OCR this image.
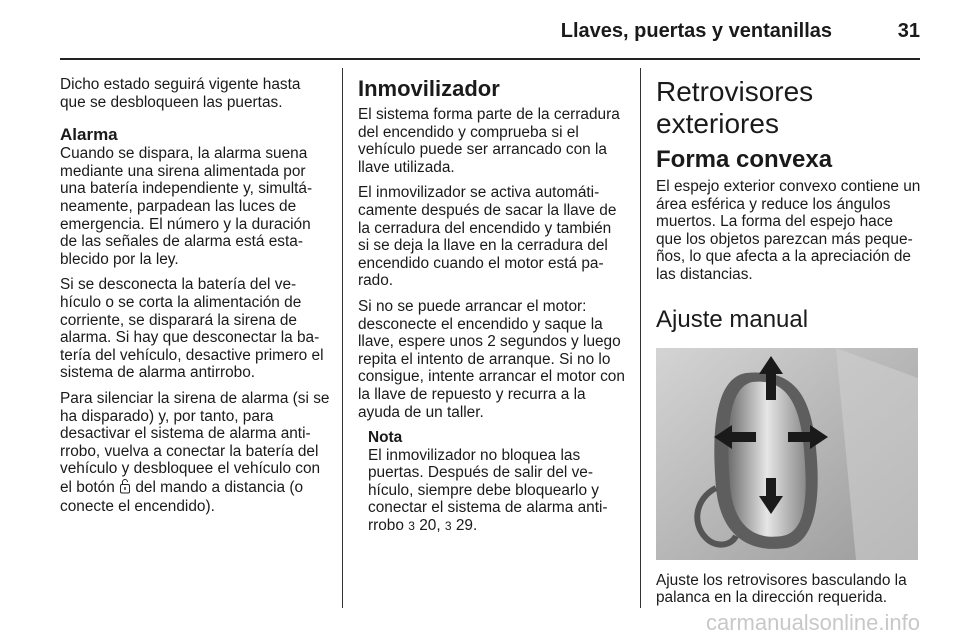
Llaves, puertas y ventanillas	31

Dicho estado seguirá vigente hasta que se desbloqueen las puertas.

Alarma

Cuando se dispara, la alarma suena mediante una sirena alimentada por una batería independiente y, simultáneamente, parpadean las luces de emergencia. El número y la duración de las señales de alarma está establecido por la ley.

Si se desconecta la batería del vehículo o se corta la alimentación de corriente, se disparará la sirena de alarma. Si hay que desconectar la batería del vehículo, desactive primero el sistema de alarma antirrobo.

Para silenciar la sirena de alarma (si se ha disparado) y, por tanto, para desactivar el sistema de alarma antirrobo, vuelva a conectar la batería del vehículo y desbloquee el vehículo con el botón del mando a distancia (o conecte el encendido).

Inmovilizador

El sistema forma parte de la cerradura del encendido y comprueba si el vehículo puede ser arrancado con la llave utilizada.

El inmovilizador se activa automáticamente después de sacar la llave de la cerradura del encendido y también si se deja la llave en la cerradura del encendido cuando el motor está parado.

Si no se puede arrancar el motor: desconecte el encendido y saque la llave, espere unos 2 segundos y luego repita el intento de arranque. Si no lo consigue, intente arrancar el motor con la llave de repuesto y recurra a la ayuda de un taller.

Nota
El inmovilizador no bloquea las puertas. Después de salir del vehículo, siempre debe bloquearlo y conectar el sistema de alarma antirrobo 3 20, 3 29.
Retrovisores exteriores
Forma convexa

El espejo exterior convexo contiene un área esférica y reduce los ángulos muertos. La forma del espejo hace que los objetos parezcan más pequeños, lo que afecta a la apreciación de las distancias.

Ajuste manual

Ajuste los retrovisores basculando la palanca en la dirección requerida.

carmanualsonline.info
